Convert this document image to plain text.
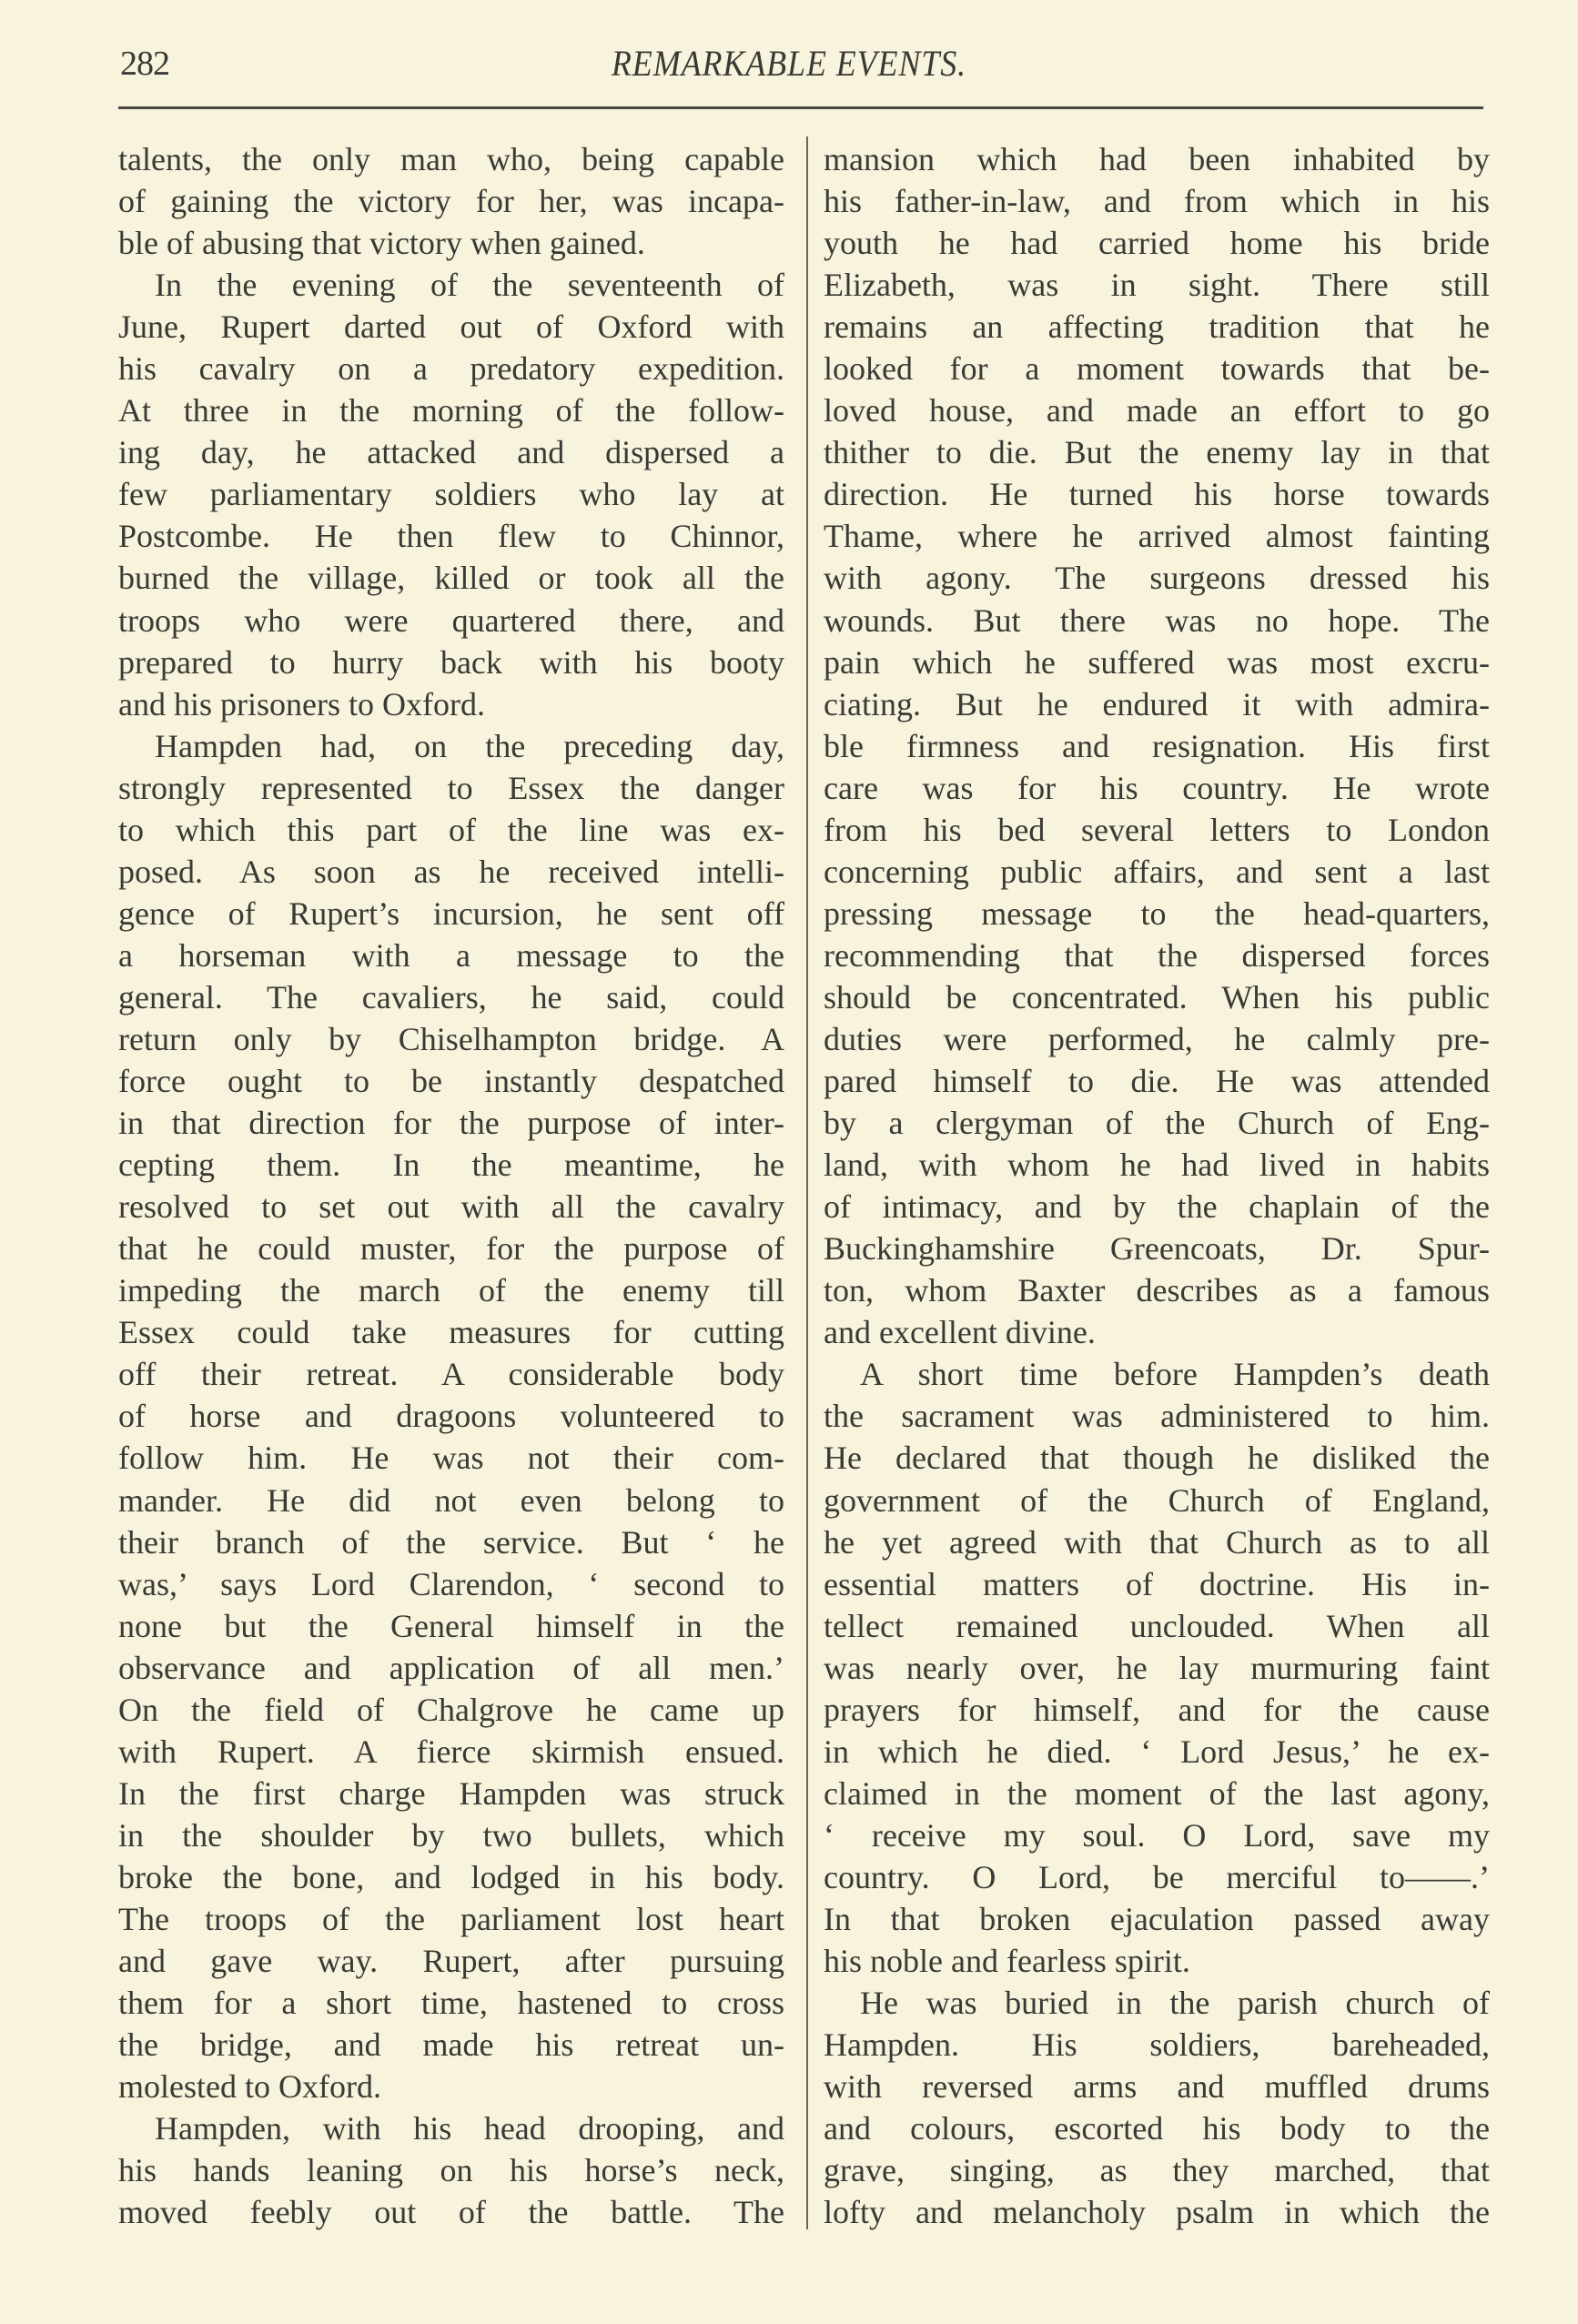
282	REMARKABLE EVENTS.
talents, the only man who, being capable
of gaining the victory for her, was incapa-
ble of abusing that victory when gained.
In the evening of the seventeenth of
June, Rupert darted out of Oxford with
his cavalry on a predatory expedition.
At three in the morning of the follow-
ing day, he attacked and dispersed a
few parliamentary soldiers who lay at
Postcombe. He then flew to Chinnor,
burned the village, killed or took all the
troops who were quartered there, and
prepared to hurry back with his booty
and his prisoners to Oxford.
Hampden had, on the preceding day,
strongly represented to Essex the danger
to which this part of the line was ex-
posed. As soon as he received intelli-
gence of Rupert’s incursion, he sent off
a horseman with a message to the
general. The cavaliers, he said, could
return only by Chiselhampton bridge. A
force ought to be instantly despatched
in that direction for the purpose of inter-
cepting them. In the meantime, he
resolved to set out with all the cavalry
that he could muster, for the purpose of
impeding the march of the enemy till
Essex could take measures for cutting
off their retreat. A considerable body
of horse and dragoons volunteered to
follow him. He was not their com-
mander. He did not even belong to
their branch of the service. But ‘ he
was,’ says Lord Clarendon, ‘ second to
none but the General himself in the
observance and application of all men.’
On the field of Chalgrove he came up
with Rupert. A fierce skirmish ensued.
In the first charge Hampden was struck
in the shoulder by two bullets, which
broke the bone, and lodged in his body.
The troops of the parliament lost heart
and gave way. Rupert, after pursuing
them for a short time, hastened to cross
the bridge, and made his retreat un-
molested to Oxford.
Hampden, with his head drooping, and
his hands leaning on his horse’s neck,
moved feebly out of the battle. The
mansion which had been inhabited by
his father-in-law, and from which in his
youth he had carried home his bride
Elizabeth, was in sight. There still
remains an affecting tradition that he
looked for a moment towards that be-
loved house, and made an effort to go
thither to die. But the enemy lay in that
direction. He turned his horse towards
Thame, where he arrived almost fainting
with agony. The surgeons dressed his
wounds. But there was no hope. The
pain which he suffered was most excru-
ciating. But he endured it with admira-
ble firmness and resignation. His first
care was for his country. He wrote
from his bed several letters to London
concerning public affairs, and sent a last
pressing message to the head-quarters,
recommending that the dispersed forces
should be concentrated. When his public
duties were performed, he calmly pre-
pared himself to die. He was attended
by a clergyman of the Church of Eng-
land, with whom he had lived in habits
of intimacy, and by the chaplain of the
Buckinghamshire Greencoats, Dr. Spur-
ton, whom Baxter describes as a famous
and excellent divine.
A short time before Hampden’s death
the sacrament was administered to him.
He declared that though he disliked the
government of the Church of England,
he yet agreed with that Church as to all
essential matters of doctrine. His in-
tellect remained unclouded. When all
was nearly over, he lay murmuring faint
prayers for himself, and for the cause
in which he died. ‘ Lord Jesus,’ he ex-
claimed in the moment of the last agony,
‘ receive my soul. O Lord, save my
country. O Lord, be merciful to——.’
In that broken ejaculation passed away
his noble and fearless spirit.
He was buried in the parish church of
Hampden. His soldiers, bareheaded,
with reversed arms and muffled drums
and colours, escorted his body to the
grave, singing, as they marched, that
lofty and melancholy psalm in which the
